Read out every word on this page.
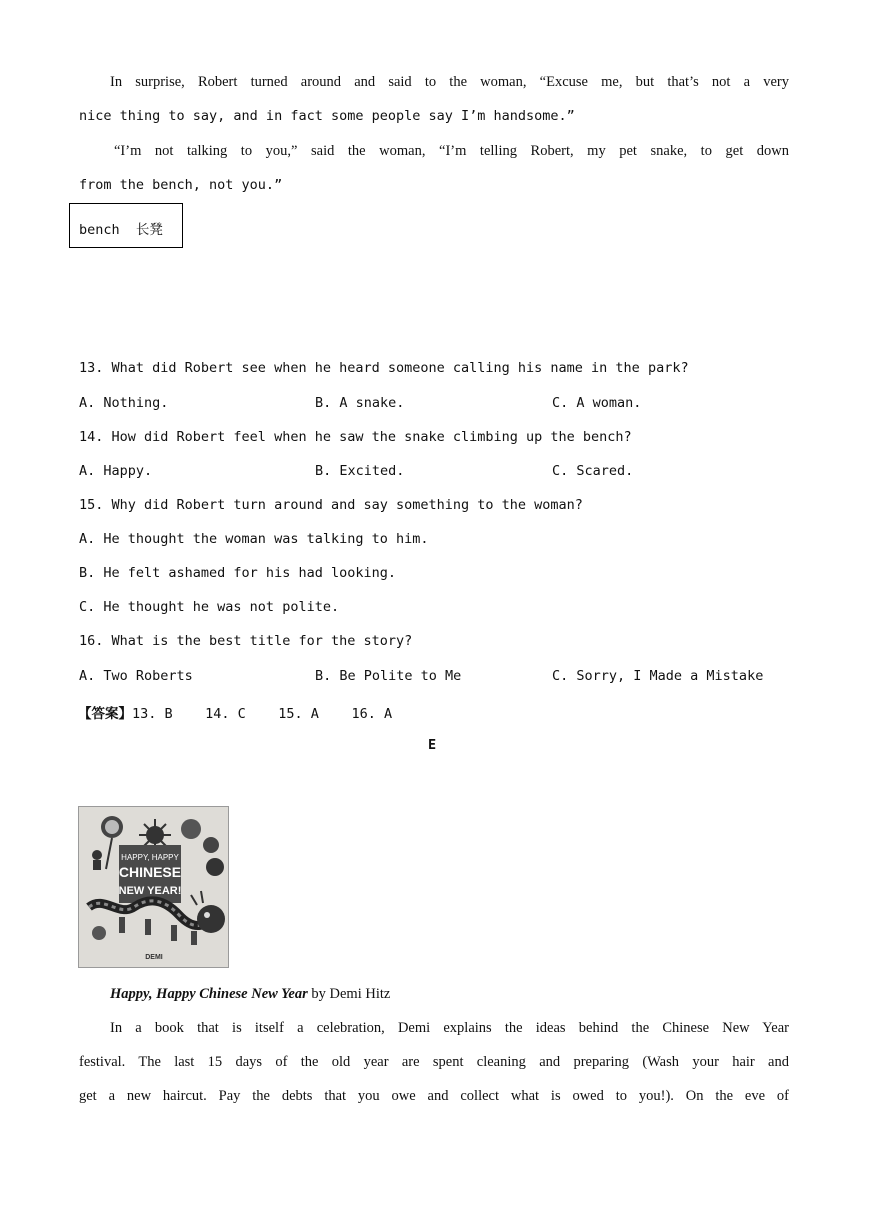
In surprise, Robert turned around and said to the woman, “Excuse me, but that’s not a very
nice thing to say, and in fact some people say I’m handsome.”
“I’m not talking to you,” said the woman, “I’m telling Robert, my pet snake, to get down
from the bench, not you.”
bench  长凳
13. What did Robert see when he heard someone calling his name in the park?
A. Nothing.	B. A snake.	C. A woman.
14. How did Robert feel when he saw the snake climbing up the bench?
A. Happy.	B. Excited.	C. Scared.
15. Why did Robert turn around and say something to the woman?
A. He thought the woman was talking to him.
B. He felt ashamed for his had looking.
C. He thought he was not polite.
16. What is the best title for the story?
A. Two Roberts	B. Be Polite to Me	C. Sorry, I Made a Mistake
【答案】13. B    14. C    15. A    16. A
E
HAPPY, HAPPY
CHINESE
NEW YEAR!
DEMI
Happy, Happy Chinese New Year by Demi Hitz
In a book that is itself a celebration, Demi explains the ideas behind the Chinese New Year
festival. The last 15 days of the old year are spent cleaning and preparing (Wash your hair and
get a new haircut. Pay the debts that you owe and collect what is owed to you!). On the eve of
